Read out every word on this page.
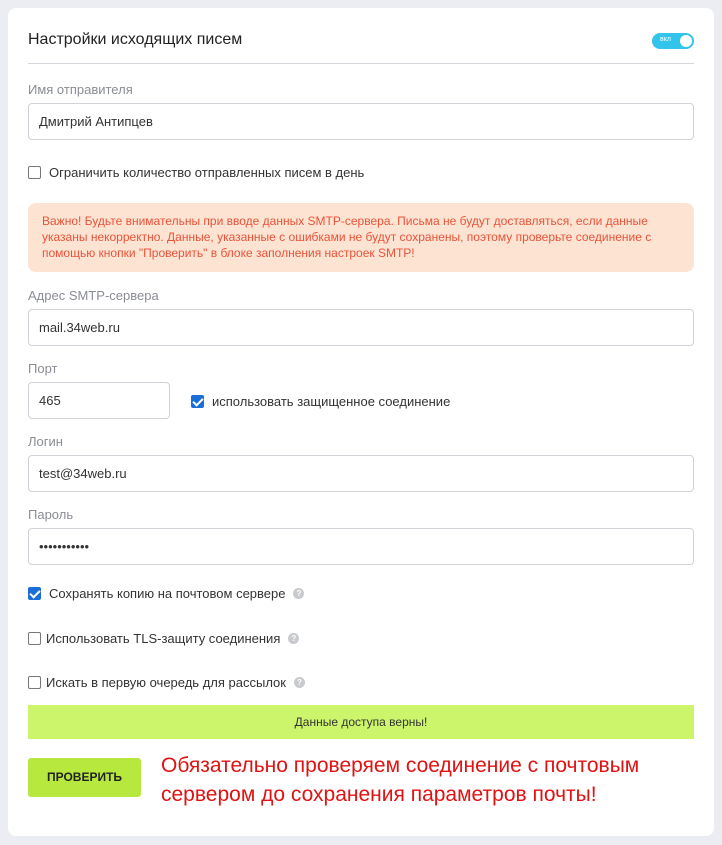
Настройки исходящих писем	вкл
Имя отправителя
Дмитрий Антипцев
Ограничить количество отправленных писем в день
Важно! Будьте внимательны при вводе данных SMTP-сервера. Письма не будут доставляться, если данные указаны некорректно. Данные, указанные с ошибками не будут сохранены, поэтому проверьте соединение с помощью кнопки "Проверить" в блоке заполнения настроек SMTP!
Адрес SMTP-сервера
mail.34web.ru
Порт
465	использовать защищенное соединение
Логин
test@34web.ru
Пароль
•••••••••••
Сохранять копию на почтовом сервере	?
Использовать TLS-защиту соединения	?
Искать в первую очередь для рассылок	?
Данные доступа верны!
ПРОВЕРИТЬ	Обязательно проверяем соединение с почтовым сервером до сохранения параметров почты!
